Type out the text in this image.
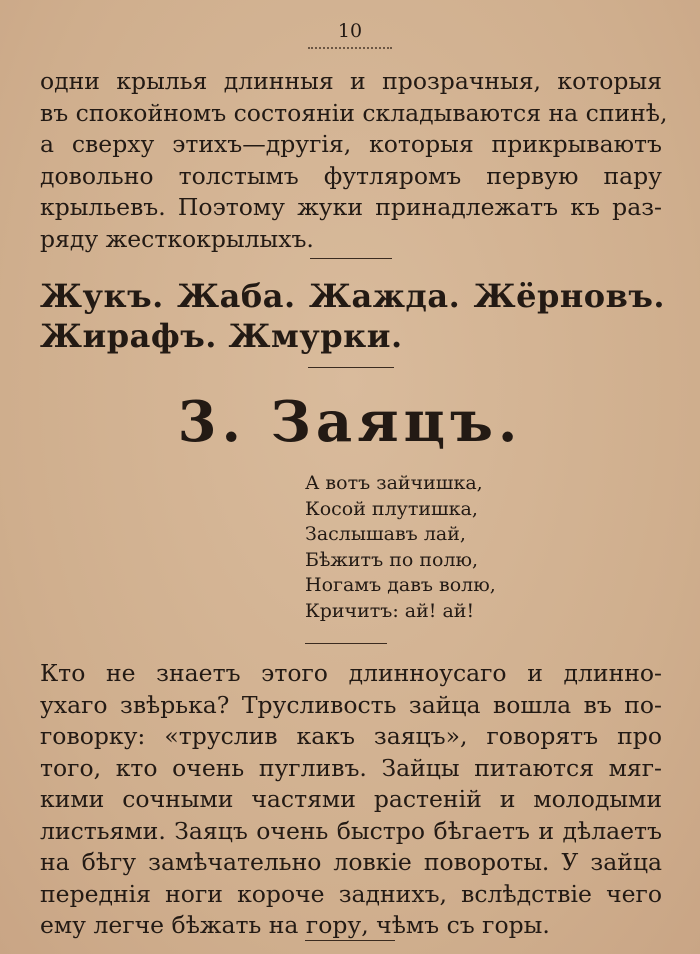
10

одни крылья длинныя и прозрачныя, которыя
въ спокойномъ состоянiи складываются на спинѣ,
а сверху этихъ—другiя, которыя прикрываютъ
довольно толстымъ футляромъ первую пару
крыльевъ. Поэтому жуки принадлежатъ къ раз-
ряду жесткокрылыхъ.

Жукъ. Жаба. Жажда. Жёрновъ.
Жирафъ. Жмурки.

3. Заяцъ.

А вотъ зайчишка,
Косой плутишка,
Заслышавъ лай,
Бѣжитъ по полю,
Ногамъ давъ волю,
Кричитъ: ай! ай!

Кто не знаетъ этого длинноусаго и длинно-
ухаго звѣрька? Трусливость зайца вошла въ по-
говорку: «труслив какъ заяцъ», говорятъ про
того, кто очень пугливъ. Зайцы питаются мяг-
кими сочными частями растенiй и молодыми
листьями. Заяцъ очень быстро бѣгаетъ и дѣлаетъ
на бѣгу замѣчательно ловкiе повороты. У зайца
переднiя ноги короче заднихъ, вслѣдствiе чего
ему легче бѣжать на гору, чѣмъ съ горы.
